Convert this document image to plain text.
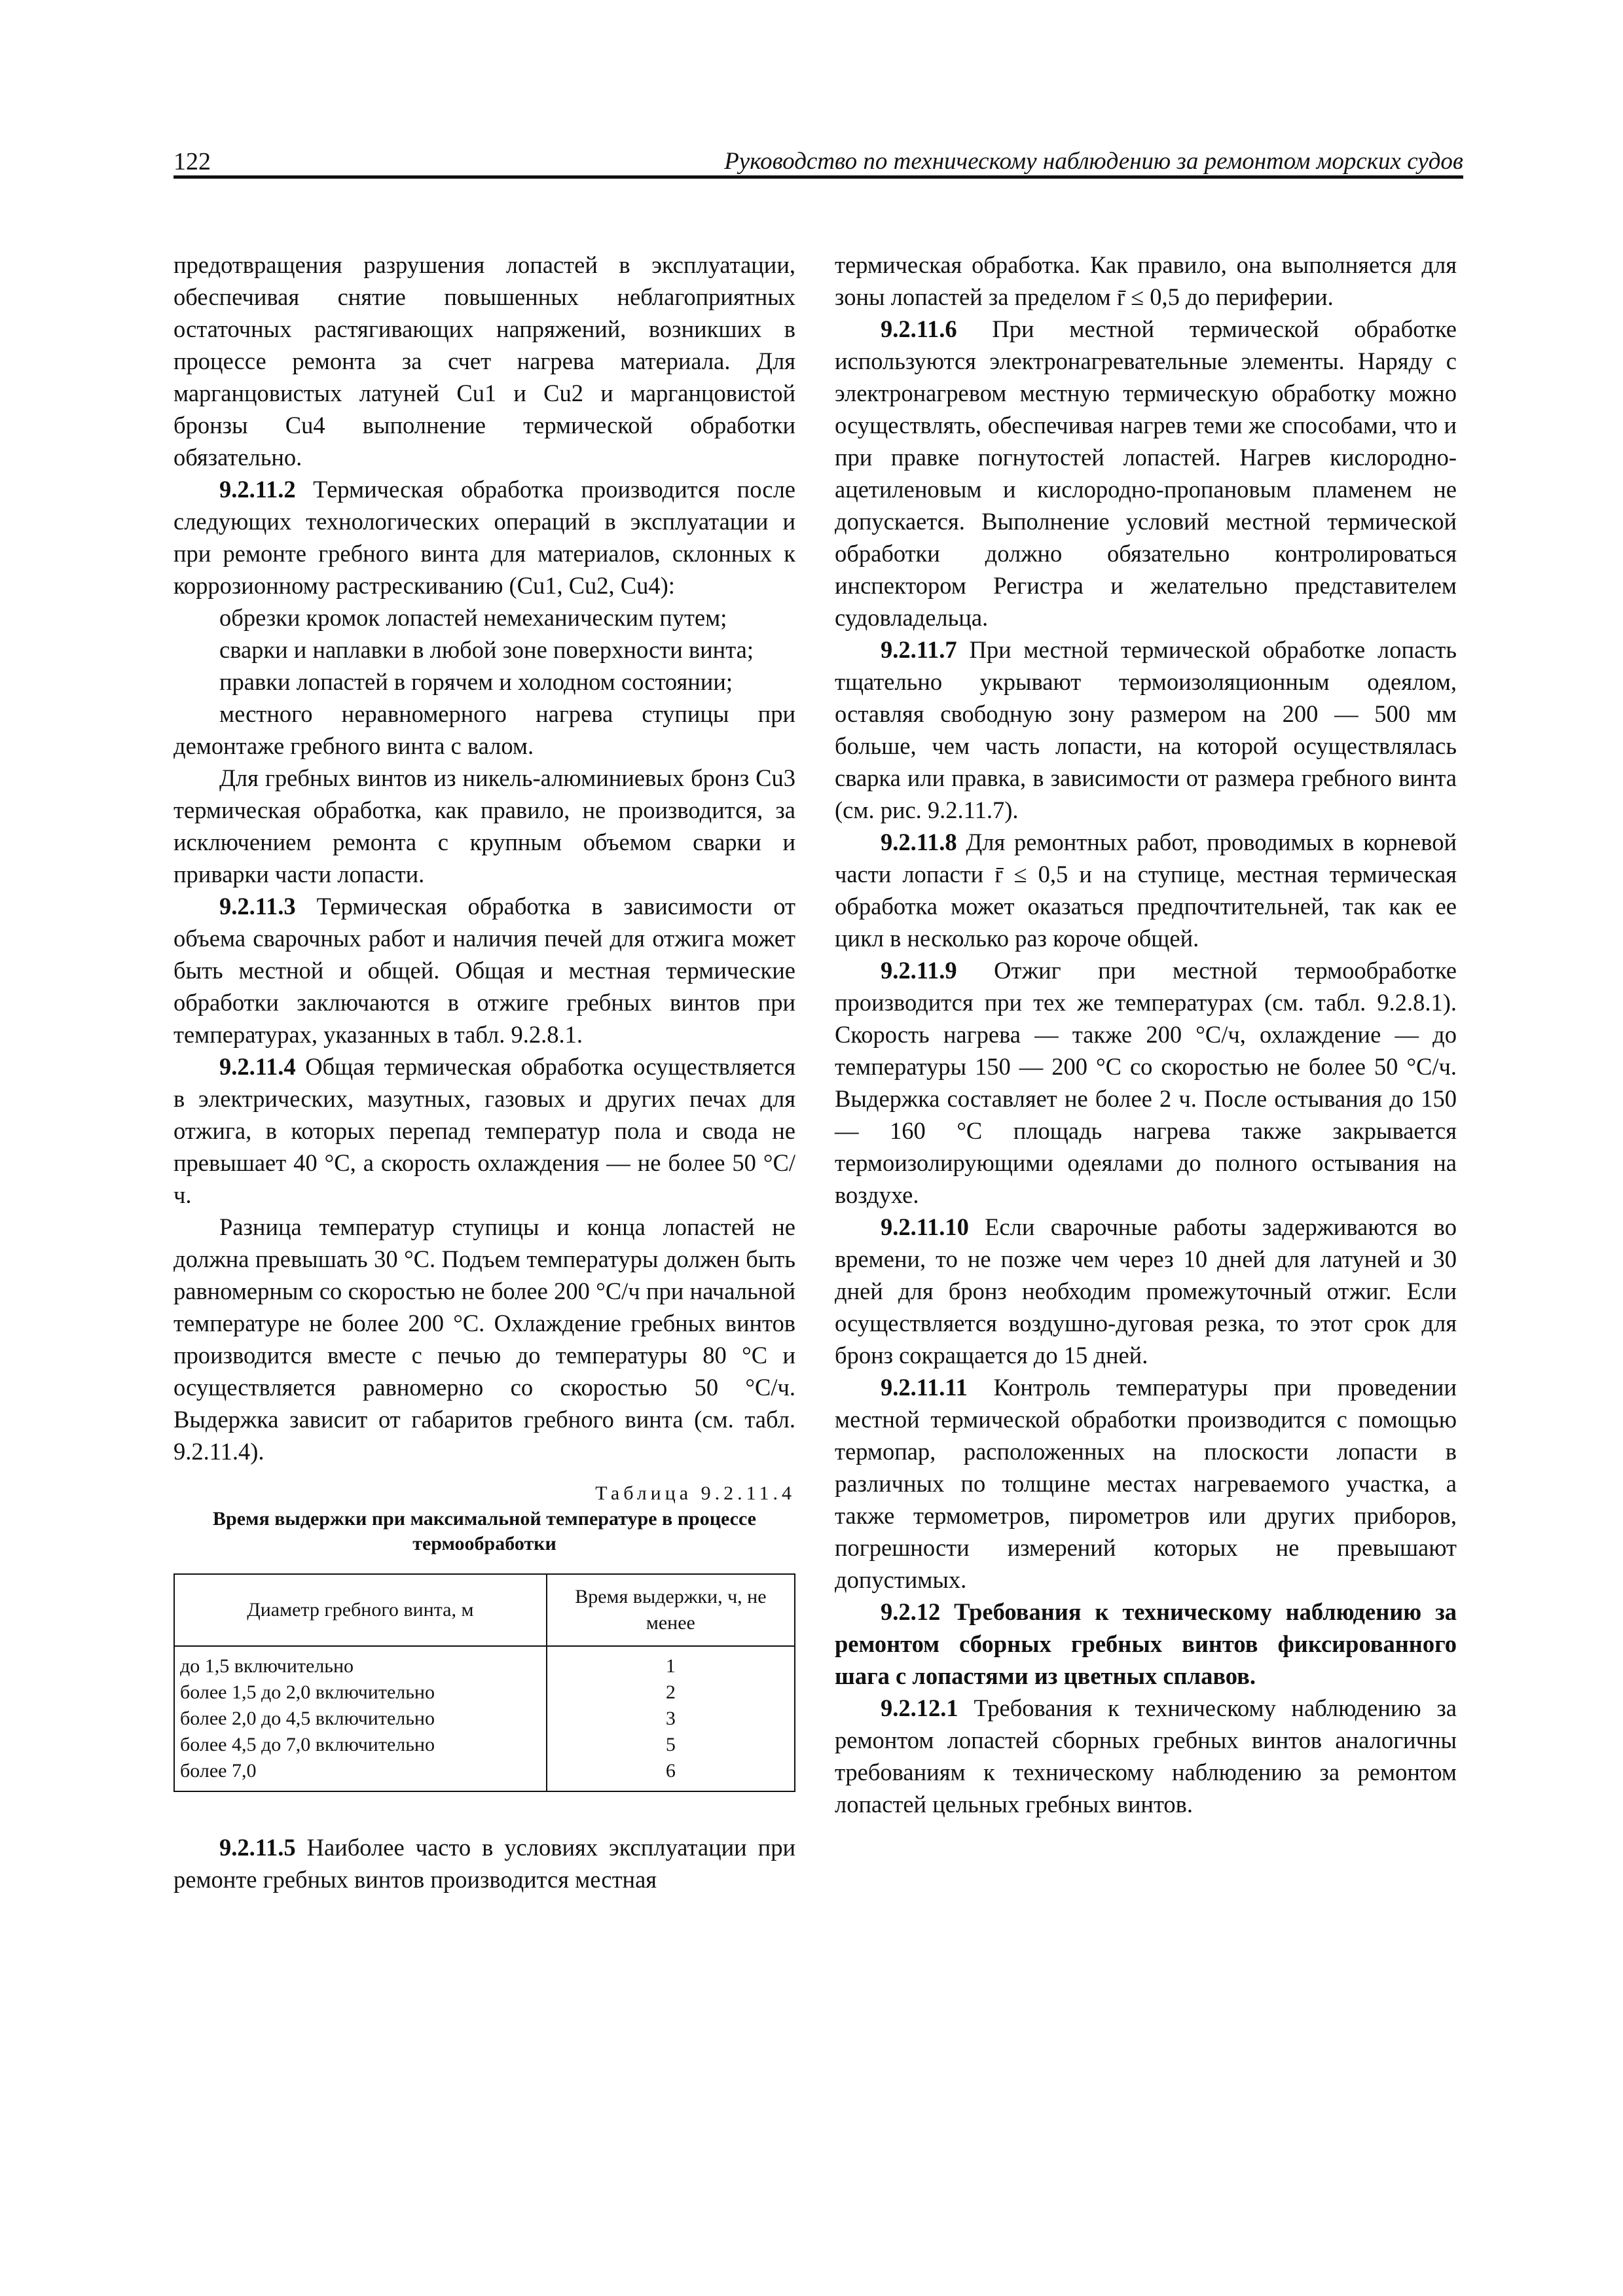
122	Руководство по техническому наблюдению за ремонтом морских судов

предотвращения разрушения лопастей в эксплуатации, обеспечивая снятие повышенных неблагоприятных остаточных растягивающих напряжений, возникших в процессе ремонта за счет нагрева материала. Для марганцовистых латуней Cu1 и Cu2 и марганцовистой бронзы Cu4 выполнение термической обработки обязательно.

9.2.11.2 Термическая обработка производится после следующих технологических операций в эксплуатации и при ремонте гребного винта для материалов, склонных к коррозионному растрескиванию (Cu1, Cu2, Cu4):

обрезки кромок лопастей немеханическим путем;

сварки и наплавки в любой зоне поверхности винта;

правки лопастей в горячем и холодном состоянии;

местного неравномерного нагрева ступицы при демонтаже гребного винта с валом.

Для гребных винтов из никель-алюминиевых бронз Cu3 термическая обработка, как правило, не производится, за исключением ремонта с крупным объемом сварки и приварки части лопасти.

9.2.11.3 Термическая обработка в зависимости от объема сварочных работ и наличия печей для отжига может быть местной и общей. Общая и местная термические обработки заключаются в отжиге гребных винтов при температурах, указанных в табл. 9.2.8.1.

9.2.11.4 Общая термическая обработка осуществляется в электрических, мазутных, газовых и других печах для отжига, в которых перепад температур пола и свода не превышает 40 °С, а скорость охлаждения — не более 50 °С/ч.

Разница температур ступицы и конца лопастей не должна превышать 30 °С. Подъем температуры должен быть равномерным со скоростью не более 200 °С/ч при начальной температуре не более 200 °С. Охлаждение гребных винтов производится вместе с печью до температуры 80 °С и осуществляется равномерно со скоростью 50 °С/ч. Выдержка зависит от габаритов гребного винта (см. табл. 9.2.11.4).

Таблица 9.2.11.4
Время выдержки при максимальной температуре в процессе термообработки
Диаметр гребного винта, м	Время выдержки, ч, не менее
до 1,5 включительно	1
более 1,5 до 2,0 включительно	2
более 2,0 до 4,5 включительно	3
более 4,5 до 7,0 включительно	5
более 7,0	6

9.2.11.5 Наиболее часто в условиях эксплуатации при ремонте гребных винтов производится местная

термическая обработка. Как правило, она выполняется для зоны лопастей за пределом r̄ ≤ 0,5 до периферии.

9.2.11.6 При местной термической обработке используются электронагревательные элементы. Наряду с электронагревом местную термическую обработку можно осуществлять, обеспечивая нагрев теми же способами, что и при правке погнутостей лопастей. Нагрев кислородно-ацетиленовым и кислородно-пропановым пламенем не допускается. Выполнение условий местной термической обработки должно обязательно контролироваться инспектором Регистра и желательно представителем судовладельца.

9.2.11.7 При местной термической обработке лопасть тщательно укрывают термоизоляционным одеялом, оставляя свободную зону размером на 200 — 500 мм больше, чем часть лопасти, на которой осуществлялась сварка или правка, в зависимости от размера гребного винта (см. рис. 9.2.11.7).

9.2.11.8 Для ремонтных работ, проводимых в корневой части лопасти r̄ ≤ 0,5 и на ступице, местная термическая обработка может оказаться предпочтительней, так как ее цикл в несколько раз короче общей.

9.2.11.9 Отжиг при местной термообработке производится при тех же температурах (см. табл. 9.2.8.1). Скорость нагрева — также 200 °С/ч, охлаждение — до температуры 150 — 200 °С со скоростью не более 50 °С/ч. Выдержка составляет не более 2 ч. После остывания до 150 — 160 °С площадь нагрева также закрывается термоизолирующими одеялами до полного остывания на воздухе.

9.2.11.10 Если сварочные работы задерживаются во времени, то не позже чем через 10 дней для латуней и 30 дней для бронз необходим промежуточный отжиг. Если осуществляется воздушно-дуговая резка, то этот срок для бронз сокращается до 15 дней.

9.2.11.11 Контроль температуры при проведении местной термической обработки производится с помощью термопар, расположенных на плоскости лопасти в различных по толщине местах нагреваемого участка, а также термометров, пирометров или других приборов, погрешности измерений которых не превышают допустимых.

9.2.12 Требования к техническому наблюдению за ремонтом сборных гребных винтов фиксированного шага с лопастями из цветных сплавов.

9.2.12.1 Требования к техническому наблюдению за ремонтом лопастей сборных гребных винтов аналогичны требованиям к техническому наблюдению за ремонтом лопастей цельных гребных винтов.
